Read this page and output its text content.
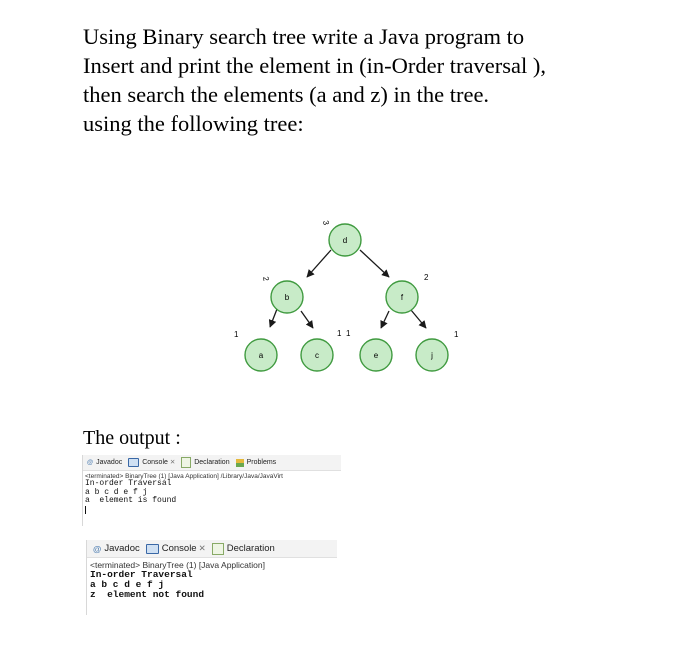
Using Binary search tree write a Java program to
Insert and print the element in (in-Order traversal ),
then search the elements (a and z) in the tree.
using the following tree:
d
b	f
a	c	e	j
3
2	2
1	1 1	1
The output :
@ Javadoc	Console ✕	Declaration Problems
<terminated> BinaryTree (1) [Java Application] /Library/Java/JavaVirt
In-order Traversal
a b c d e f j
a  element is found
@ Javadoc Console ✕ Declaration
<terminated> BinaryTree (1) [Java Application]
In-order Traversal
a b c d e f j
z  element not found
